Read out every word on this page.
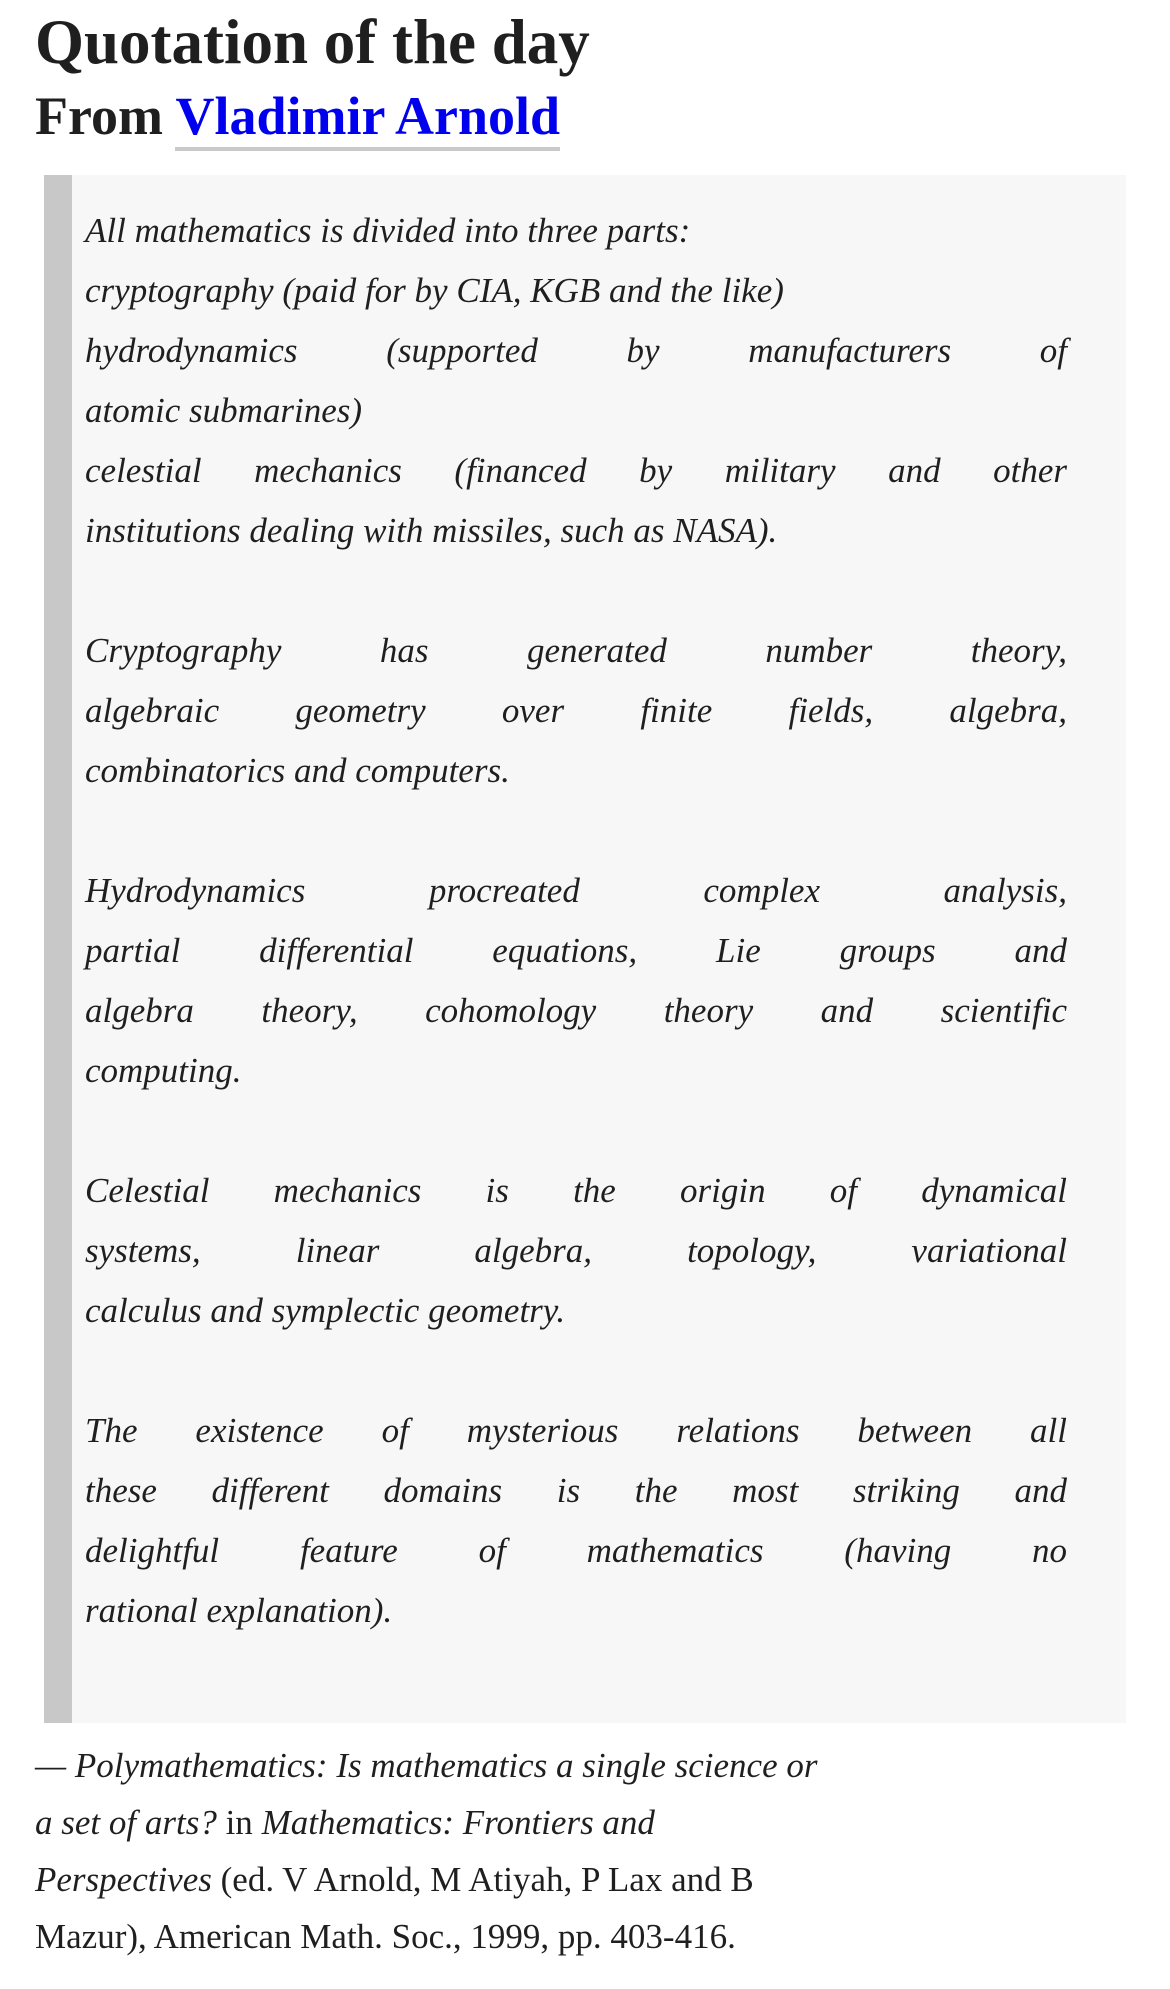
Quotation of the day
From Vladimir Arnold
All mathematics is divided into three parts:
cryptography (paid for by CIA, KGB and the like)
hydrodynamics (supported by manufacturers of
atomic submarines)
celestial mechanics (financed by military and other
institutions dealing with missiles, such as NASA).
Cryptography has generated number theory,
algebraic geometry over finite fields, algebra,
combinatorics and computers.
Hydrodynamics procreated complex analysis,
partial differential equations, Lie groups and
algebra theory, cohomology theory and scientific
computing.
Celestial mechanics is the origin of dynamical
systems, linear algebra, topology, variational
calculus and symplectic geometry.
The existence of mysterious relations between all
these different domains is the most striking and
delightful feature of mathematics (having no
rational explanation).
— Polymathematics: Is mathematics a single science or
a set of arts? in Mathematics: Frontiers and
Perspectives (ed. V Arnold, M Atiyah, P Lax and B
Mazur), American Math. Soc., 1999, pp. 403-416.
